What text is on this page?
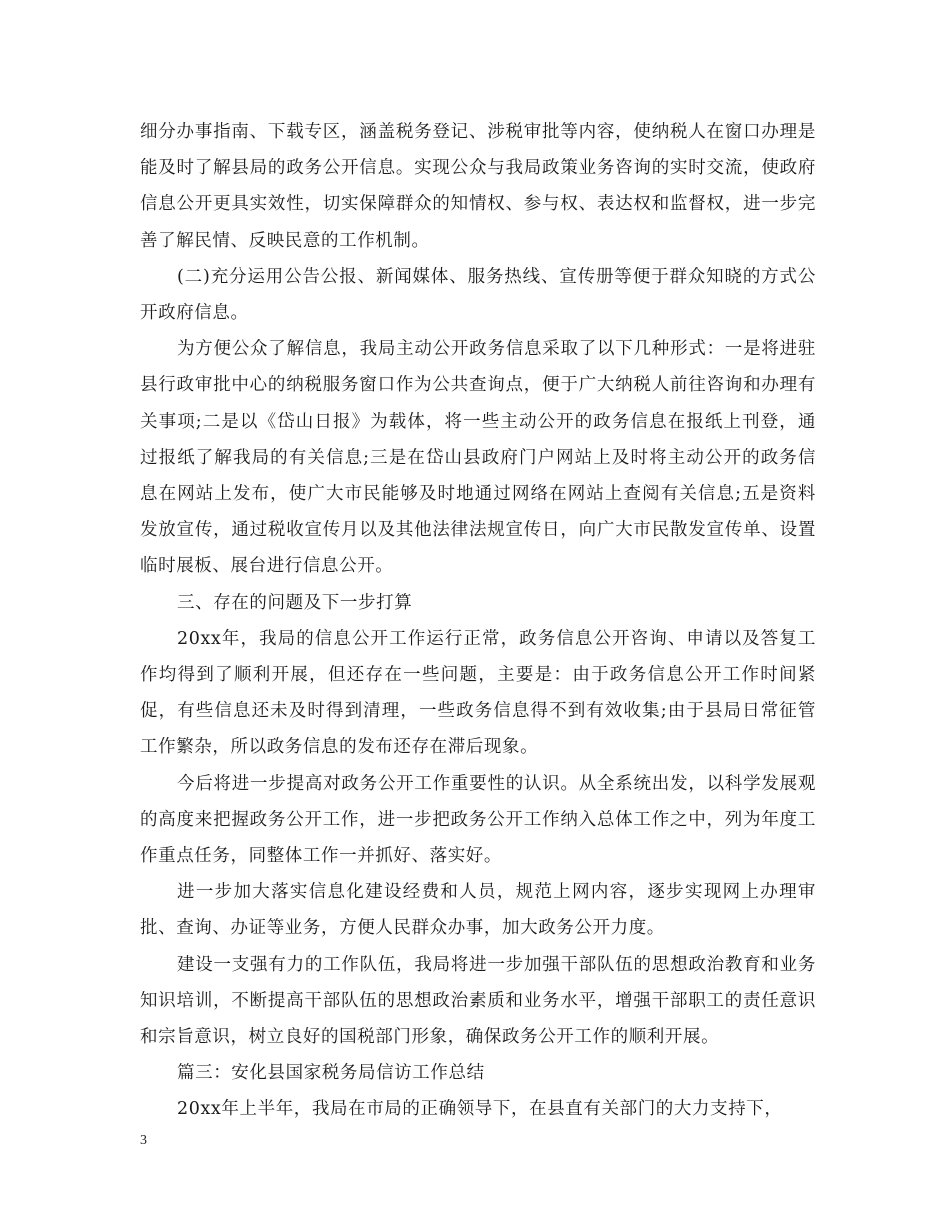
细分办事指南、下载专区，涵盖税务登记、涉税审批等内容，使纳税人在窗口办理是能及时了解县局的政务公开信息。实现公众与我局政策业务咨询的实时交流，使政府信息公开更具实效性，切实保障群众的知情权、参与权、表达权和监督权，进一步完善了解民情、反映民意的工作机制。

(二)充分运用公告公报、新闻媒体、服务热线、宣传册等便于群众知晓的方式公开政府信息。

为方便公众了解信息，我局主动公开政务信息采取了以下几种形式：一是将进驻县行政审批中心的纳税服务窗口作为公共查询点，便于广大纳税人前往咨询和办理有关事项;二是以《岱山日报》为载体，将一些主动公开的政务信息在报纸上刊登，通过报纸了解我局的有关信息;三是在岱山县政府门户网站上及时将主动公开的政务信息在网站上发布，使广大市民能够及时地通过网络在网站上查阅有关信息;五是资料发放宣传，通过税收宣传月以及其他法律法规宣传日，向广大市民散发宣传单、设置临时展板、展台进行信息公开。

三、存在的问题及下一步打算

20xx年，我局的信息公开工作运行正常，政务信息公开咨询、申请以及答复工作均得到了顺利开展，但还存在一些问题，主要是：由于政务信息公开工作时间紧促，有些信息还未及时得到清理，一些政务信息得不到有效收集;由于县局日常征管工作繁杂，所以政务信息的发布还存在滞后现象。

今后将进一步提高对政务公开工作重要性的认识。从全系统出发，以科学发展观的高度来把握政务公开工作，进一步把政务公开工作纳入总体工作之中，列为年度工作重点任务，同整体工作一并抓好、落实好。

进一步加大落实信息化建设经费和人员，规范上网内容，逐步实现网上办理审批、查询、办证等业务，方便人民群众办事，加大政务公开力度。

建设一支强有力的工作队伍，我局将进一步加强干部队伍的思想政治教育和业务知识培训，不断提高干部队伍的思想政治素质和业务水平，增强干部职工的责任意识和宗旨意识，树立良好的国税部门形象，确保政务公开工作的顺利开展。

篇三：安化县国家税务局信访工作总结

20xx年上半年，我局在市局的正确领导下，在县直有关部门的大力支持下，

3
